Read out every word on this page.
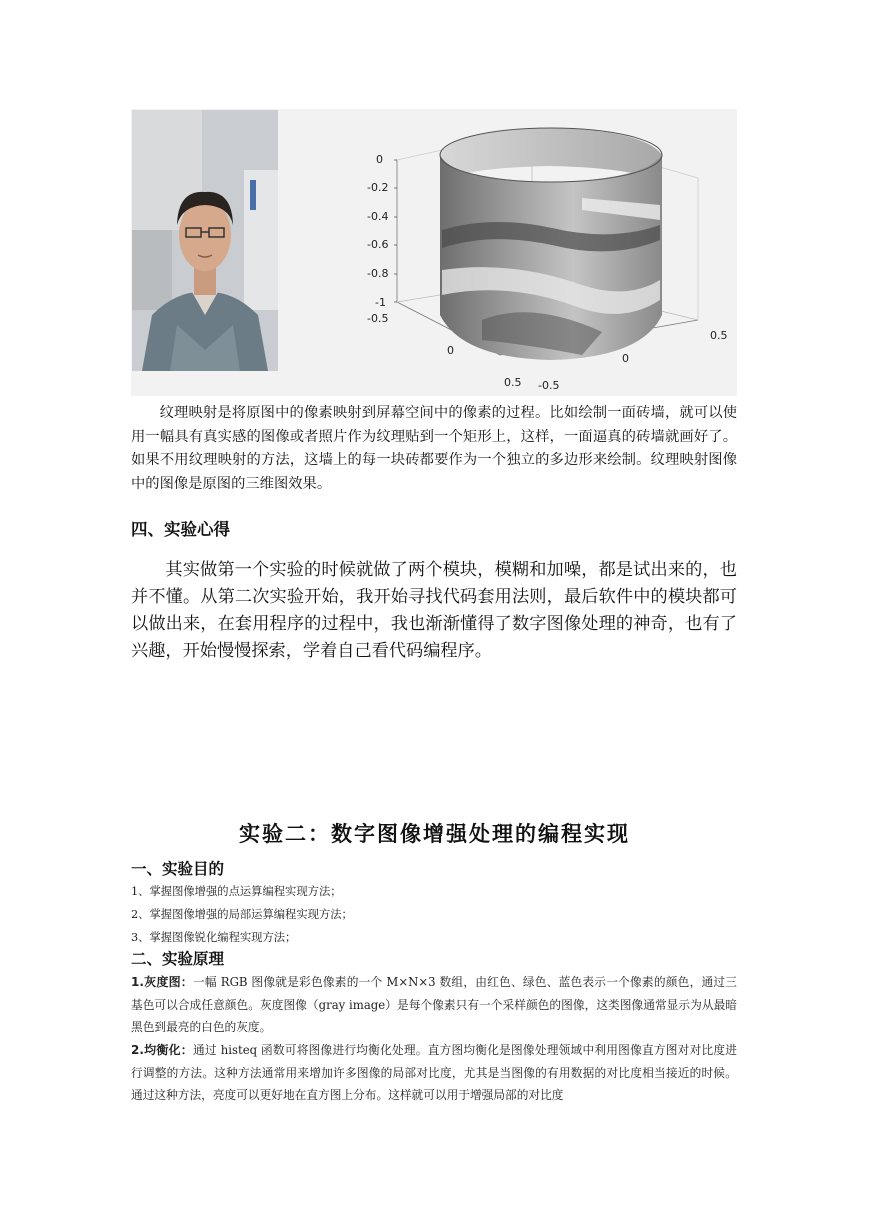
0
-0.2
-0.4
-0.6
-0.8
-1
-0.5
0
0.5
0.5
0
-0.5

纹理映射是将原图中的像素映射到屏幕空间中的像素的过程。比如绘制一面砖墙，就可以使用一幅具有真实感的图像或者照片作为纹理贴到一个矩形上，这样，一面逼真的砖墙就画好了。如果不用纹理映射的方法，这墙上的每一块砖都要作为一个独立的多边形来绘制。纹理映射图像中的图像是原图的三维图效果。

四、实验心得

其实做第一个实验的时候就做了两个模块，模糊和加噪，都是试出来的，也并不懂。从第二次实验开始，我开始寻找代码套用法则，最后软件中的模块都可以做出来，在套用程序的过程中，我也渐渐懂得了数字图像处理的神奇，也有了兴趣，开始慢慢探索，学着自己看代码编程序。

实验二：数字图像增强处理的编程实现
一、实验目的

1、掌握图像增强的点运算编程实现方法；

2、掌握图像增强的局部运算编程实现方法；

3、掌握图像锐化编程实现方法；

二、实验原理

1.灰度图：一幅 RGB 图像就是彩色像素的一个 M×N×3 数组，由红色、绿色、蓝色表示一个像素的颜色，通过三基色可以合成任意颜色。灰度图像（gray image）是每个像素只有一个采样颜色的图像，这类图像通常显示为从最暗黑色到最亮的白色的灰度。

2.均衡化：通过 histeq 函数可将图像进行均衡化处理。直方图均衡化是图像处理领域中利用图像直方图对对比度进行调整的方法。这种方法通常用来增加许多图像的局部对比度，尤其是当图像的有用数据的对比度相当接近的时候。通过这种方法，亮度可以更好地在直方图上分布。这样就可以用于增强局部的对比度
